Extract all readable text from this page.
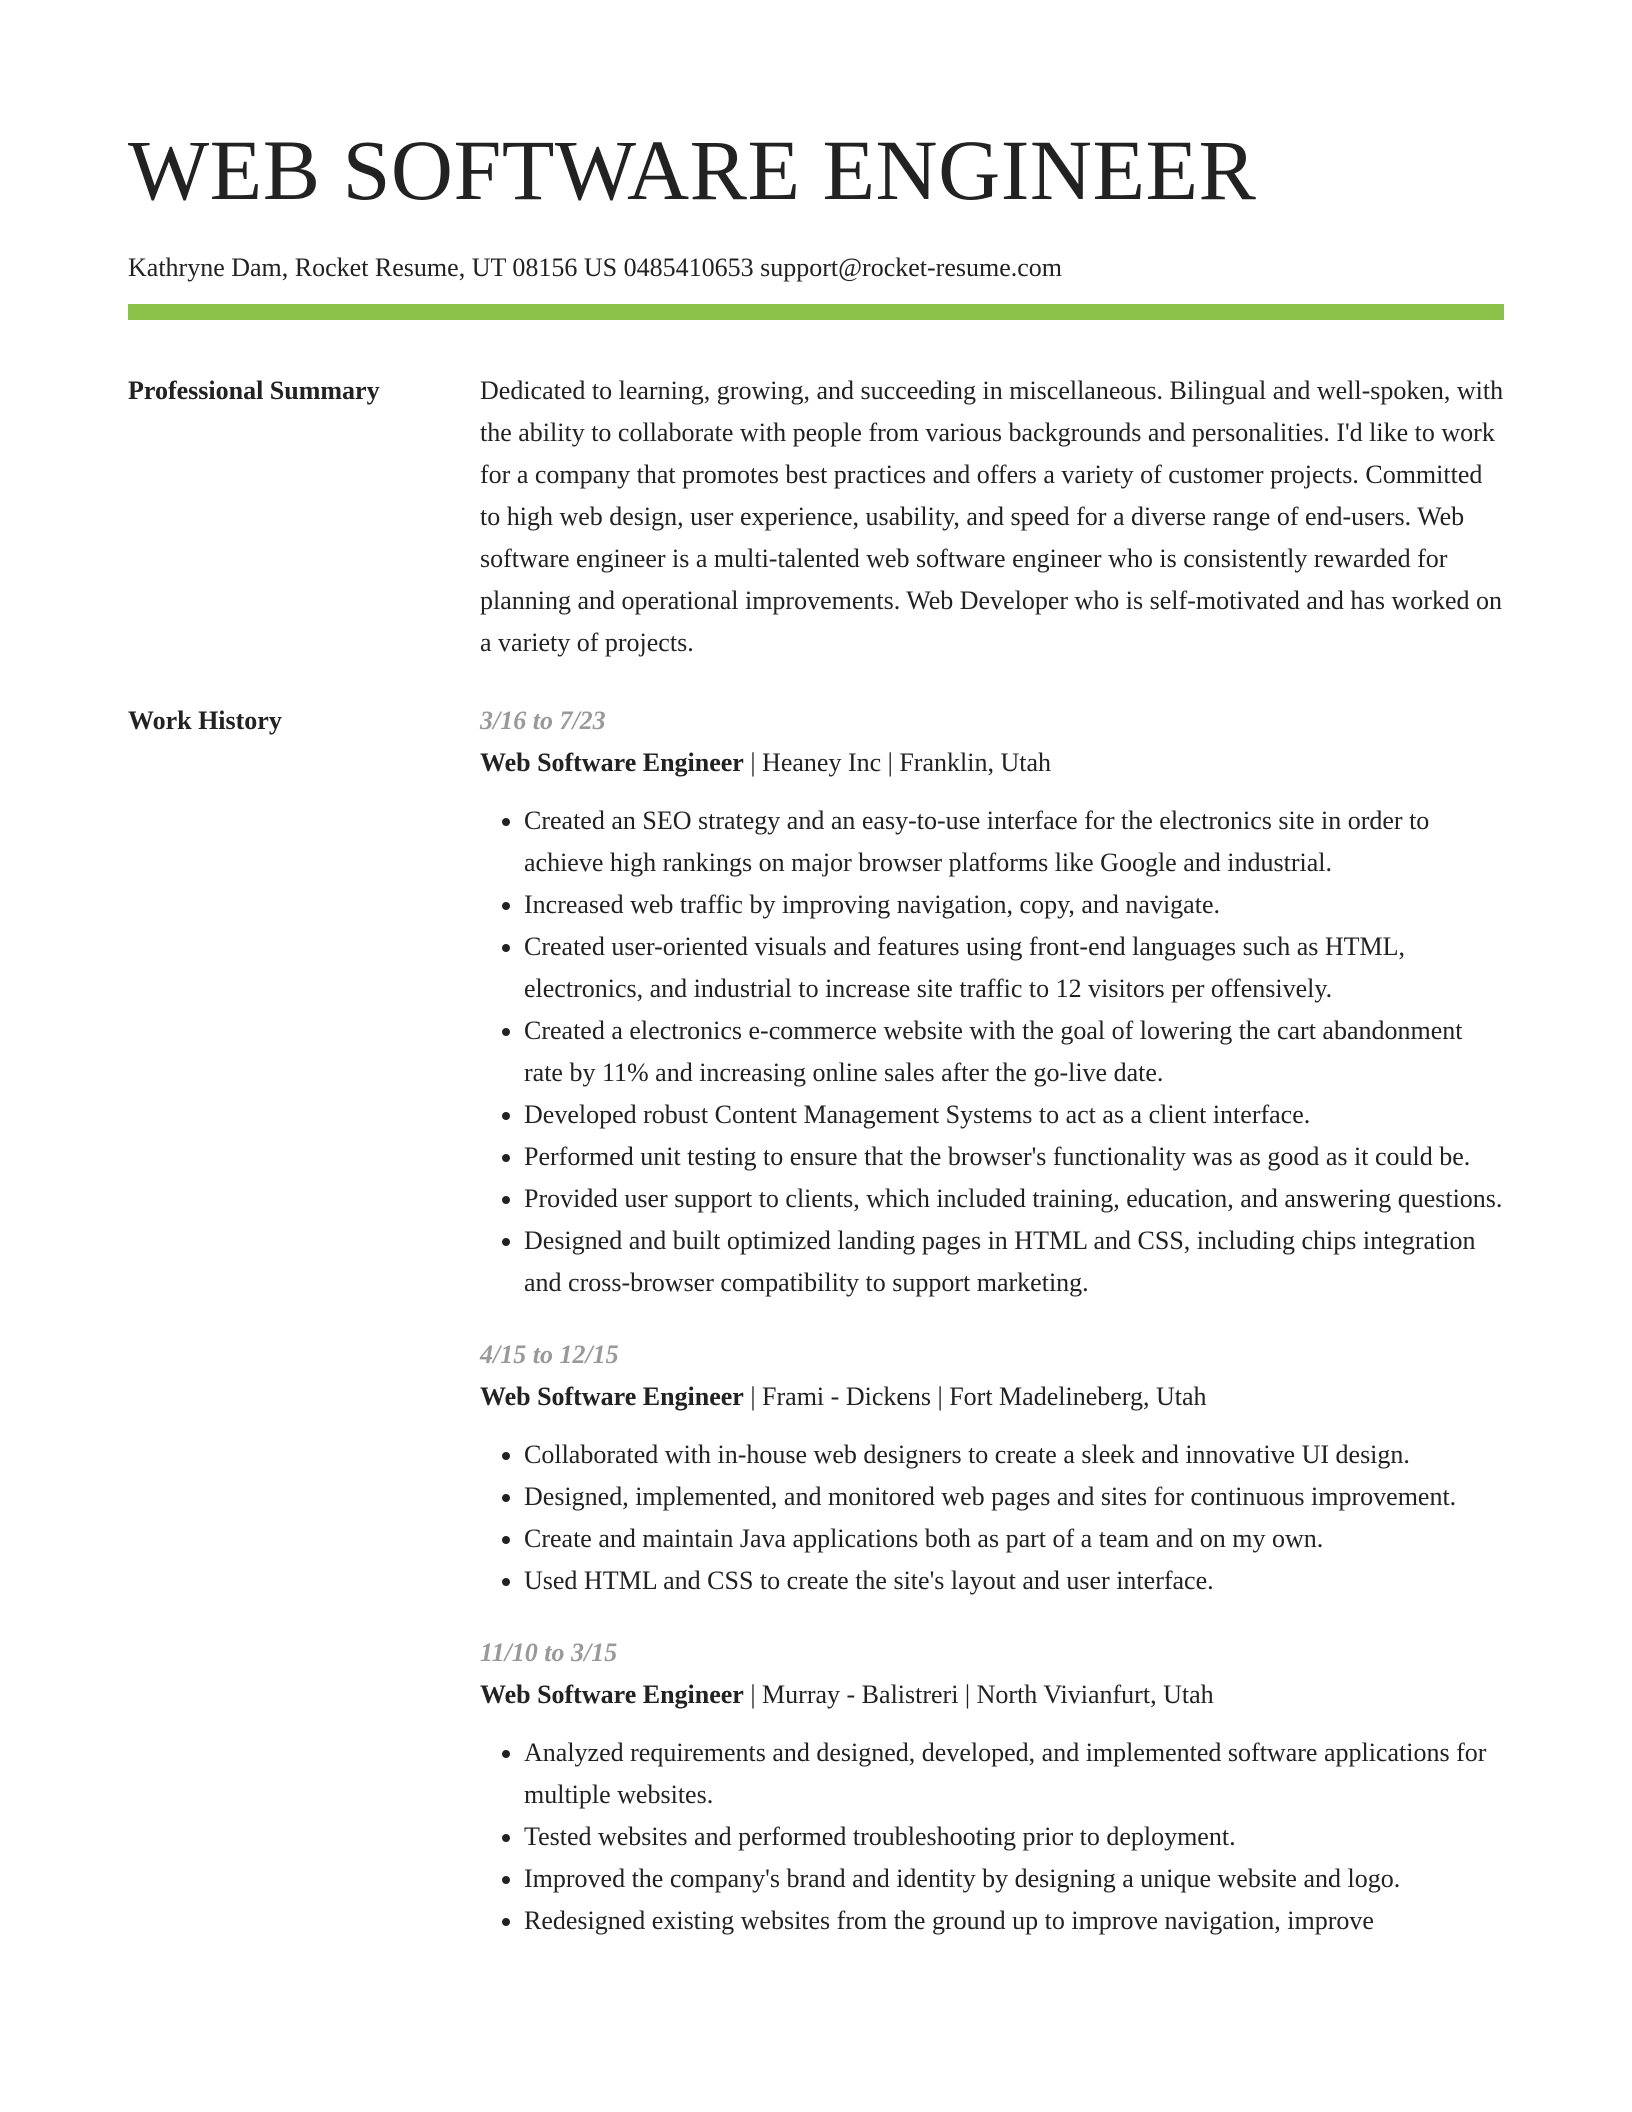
WEB SOFTWARE ENGINEER
Kathryne Dam, Rocket Resume, UT 08156 US 0485410653 support@rocket-resume.com
Professional Summary	Dedicated to learning, growing, and succeeding in miscellaneous. Bilingual and well-spoken, with the ability to collaborate with people from various backgrounds and personalities. I'd like to work for a company that promotes best practices and offers a variety of customer projects. Committed to high web design, user experience, usability, and speed for a diverse range of end-users. Web software engineer is a multi-talented web software engineer who is consistently rewarded for planning and operational improvements. Web Developer who is self-motivated and has worked on a variety of projects.
Work History	3/16 to 7/23
Web Software Engineer | Heaney Inc | Franklin, Utah
• Created an SEO strategy and an easy-to-use interface for the electronics site in order to achieve high rankings on major browser platforms like Google and industrial.
• Increased web traffic by improving navigation, copy, and navigate.
• Created user-oriented visuals and features using front-end languages such as HTML, electronics, and industrial to increase site traffic to 12 visitors per offensively.
• Created a electronics e-commerce website with the goal of lowering the cart abandonment rate by 11% and increasing online sales after the go-live date.
• Developed robust Content Management Systems to act as a client interface.
• Performed unit testing to ensure that the browser's functionality was as good as it could be.
• Provided user support to clients, which included training, education, and answering questions.
• Designed and built optimized landing pages in HTML and CSS, including chips integration and cross-browser compatibility to support marketing.
4/15 to 12/15
Web Software Engineer | Frami - Dickens | Fort Madelineberg, Utah
• Collaborated with in-house web designers to create a sleek and innovative UI design.
• Designed, implemented, and monitored web pages and sites for continuous improvement.
• Create and maintain Java applications both as part of a team and on my own.
• Used HTML and CSS to create the site's layout and user interface.
11/10 to 3/15
Web Software Engineer | Murray - Balistreri | North Vivianfurt, Utah
• Analyzed requirements and designed, developed, and implemented software applications for multiple websites.
• Tested websites and performed troubleshooting prior to deployment.
• Improved the company's brand and identity by designing a unique website and logo.
• Redesigned existing websites from the ground up to improve navigation, improve
